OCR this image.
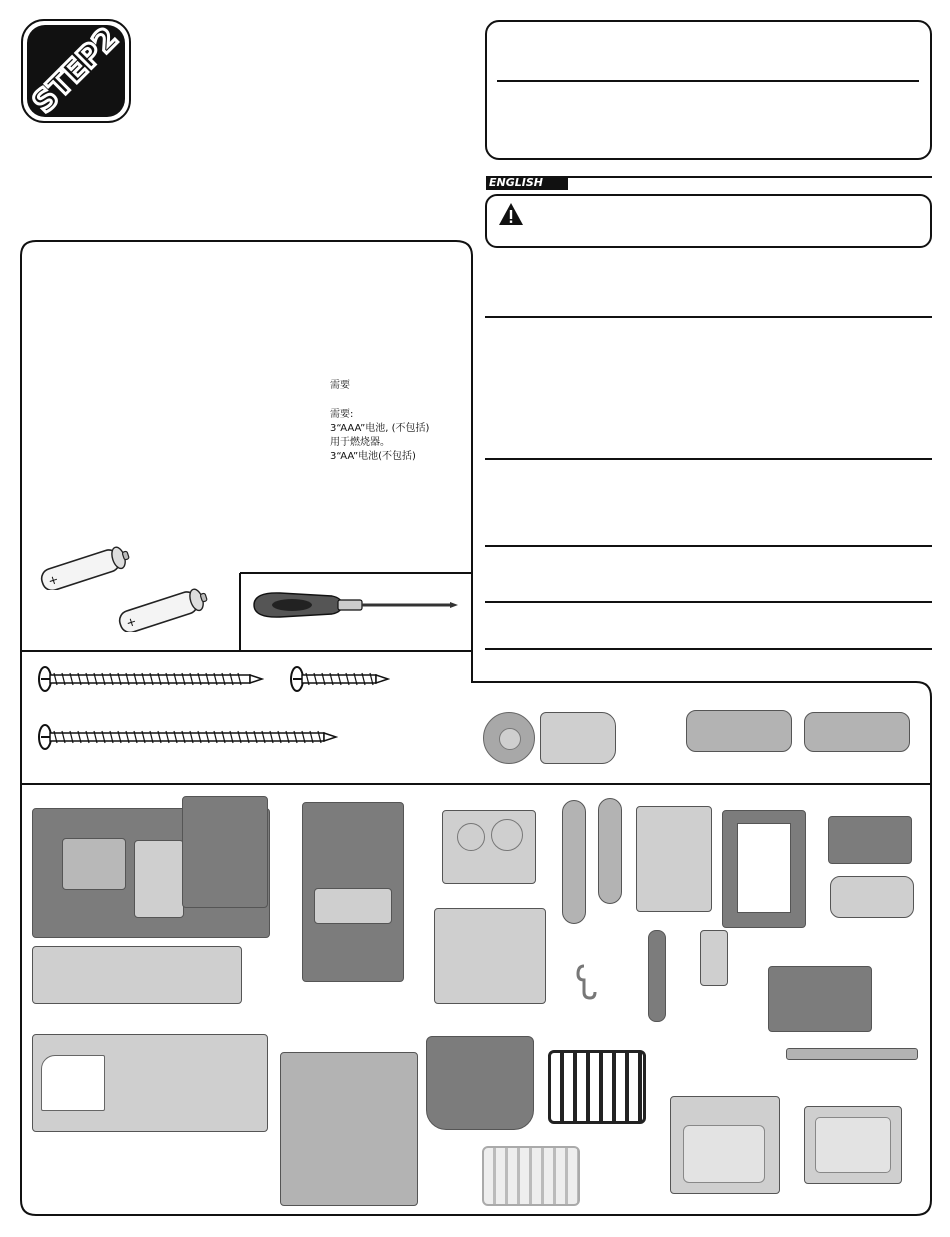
STEP2
ENGLISH
需要
需要:
3“AAA”电池, (不包括)
用于燃烧器。
3“AA”电池(不包括)
+
+
